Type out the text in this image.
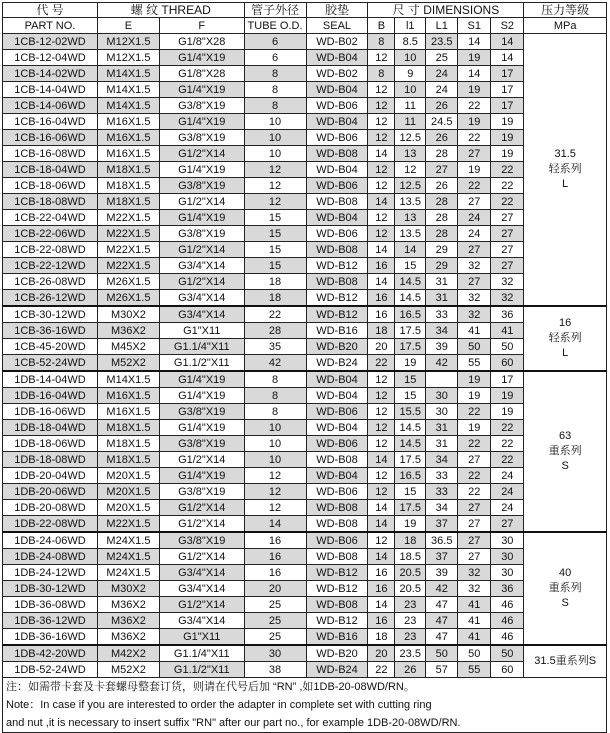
代 号	螺 纹 THREAD		管子外径	胶垫	尺 寸 DIMENSIONS					压力等级
PART NO.	E	F	TUBE O.D.	SEAL	B	l1	L1	S1	S2	MPa
1CB-12-02WD	M12X1.5	G1/8"X28	6	WD-B02	8	8.5	23.5	14	14	31.5
轻系列
L

1CB-12-04WD	M12X1.5	G1/4"X19	6	WD-B04	12	10	25	19	14	
1CB-14-02WD	M14X1.5	G1/8"X28	8	WD-B02	8	9	24	14	17	
1CB-14-04WD	M14X1.5	G1/4"X19	8	WD-B04	12	10	24	19	17	
1CB-14-06WD	M14X1.5	G3/8"X19	8	WD-B06	12	11	26	22	17	
1CB-16-04WD	M16X1.5	G1/4"X19	10	WD-B04	12	11	24.5	19	19	
1CB-16-06WD	M16X1.5	G3/8"X19	10	WD-B06	12	12.5	26	22	19	
1CB-16-08WD	M16X1.5	G1/2"X14	10	WD-B08	14	13	28	27	19	
1CB-18-04WD	M18X1.5	G1/4"X19	12	WD-B04	12	12	27	19	22	
1CB-18-06WD	M18X1.5	G3/8"X19	12	WD-B06	12	12.5	26	22	22	
1CB-18-08WD	M18X1.5	G1/2"X14	12	WD-B08	14	13.5	28	27	22	
1CB-22-04WD	M22X1.5	G1/4"X19	15	WD-B04	12	13	28	24	27	
1CB-22-06WD	M22X1.5	G3/8"X19	15	WD-B06	12	13.5	28	24	27	
1CB-22-08WD	M22X1.5	G1/2"X14	15	WD-B08	14	14	29	27	27	
1CB-22-12WD	M22X1.5	G3/4"X14	15	WD-B12	16	15	29	32	27	
1CB-26-08WD	M26X1.5	G1/2"X14	18	WD-B08	14	14.5	31	27	32	
1CB-26-12WD	M26X1.5	G3/4"X14	18	WD-B12	16	14.5	31	32	32	
1CB-30-12WD	M30X2	G3/4"X14	22	WD-B12	16	16.5	33	32	36	16
轻系列
L

1CB-36-16WD	M36X2	G1"X11	28	WD-B16	18	17.5	34	41	41	
1CB-45-20WD	M45X2	G1.1/4"X11	35	WD-B20	20	17.5	39	50	50	
1CB-52-24WD	M52X2	G1.1/2"X11	42	WD-B24	22	19	42	55	60	
1DB-14-04WD	M14X1.5	G1/4"X19	8	WD-B04	12	15		19	17	63
重系列
S

1DB-16-04WD	M16X1.5	G1/4"X19	8	WD-B04	12	15	30	19	19	
1DB-16-06WD	M16X1.5	G3/8"X19	8	WD-B06	12	15.5	30	22	19	
1DB-18-04WD	M18X1.5	G1/4"X19	10	WD-B04	12	14.5	31	19	22	
1DB-18-06WD	M18X1.5	G3/8"X19	10	WD-B06	12	14.5	31	22	22	
1DB-18-08WD	M18X1.5	G1/2"X14	10	WD-B08	14	17.5	34	27	22	
1DB-20-04WD	M20X1.5	G1/4"X19	12	WD-B04	12	16.5	33	22	24	
1DB-20-06WD	M20X1.5	G3/8"X19	12	WD-B06	12	15	33	22	24	
1DB-20-08WD	M20X1.5	G1/2"X14	12	WD-B08	14	17.5	34	27	24	
1DB-22-08WD	M22X1.5	G1/2"X14	14	WD-B08	14	19	37	27	27	
1DB-24-06WD	M24X1.5	G3/8"X19	16	WD-B06	12	18	36.5	27	30	40
重系列
S

1DB-24-08WD	M24X1.5	G1/2"X14	16	WD-B08	14	18.5	37	27	30	
1DB-24-12WD	M24X1.5	G3/4"X14	16	WD-B12	16	20.5	39	32	30	
1DB-30-12WD	M30X2	G3/4"X14	20	WD-B12	16	20.5	42	32	36	
1DB-36-08WD	M36X2	G1/2"X14	25	WD-B08	14	23	47	41	46	
1DB-36-12WD	M36X2	G3/4"X14	25	WD-B12	16	23	47	41	46	
1DB-36-16WD	M36X2	G1"X11	25	WD-B16	18	23	47	41	46	
1DB-42-20WD	M42X2	G1.1/4"X11	30	WD-B20	20	23.5	50	50	50	31.5重系列S

1DB-52-24WD	M52X2	G1.1/2"X11	38	WD-B24	22	26	57	55	60	
注：如需带卡套及卡套螺母整套订货，则请在代号后加 “RN” ,如1DB-20-08WD/RN。
Note：In case if you are interested to order the adapter in complete set with cutting ring
and nut ,it is necessary to insert suffix "RN" after our part no., for example 1DB-20-08WD/RN.
